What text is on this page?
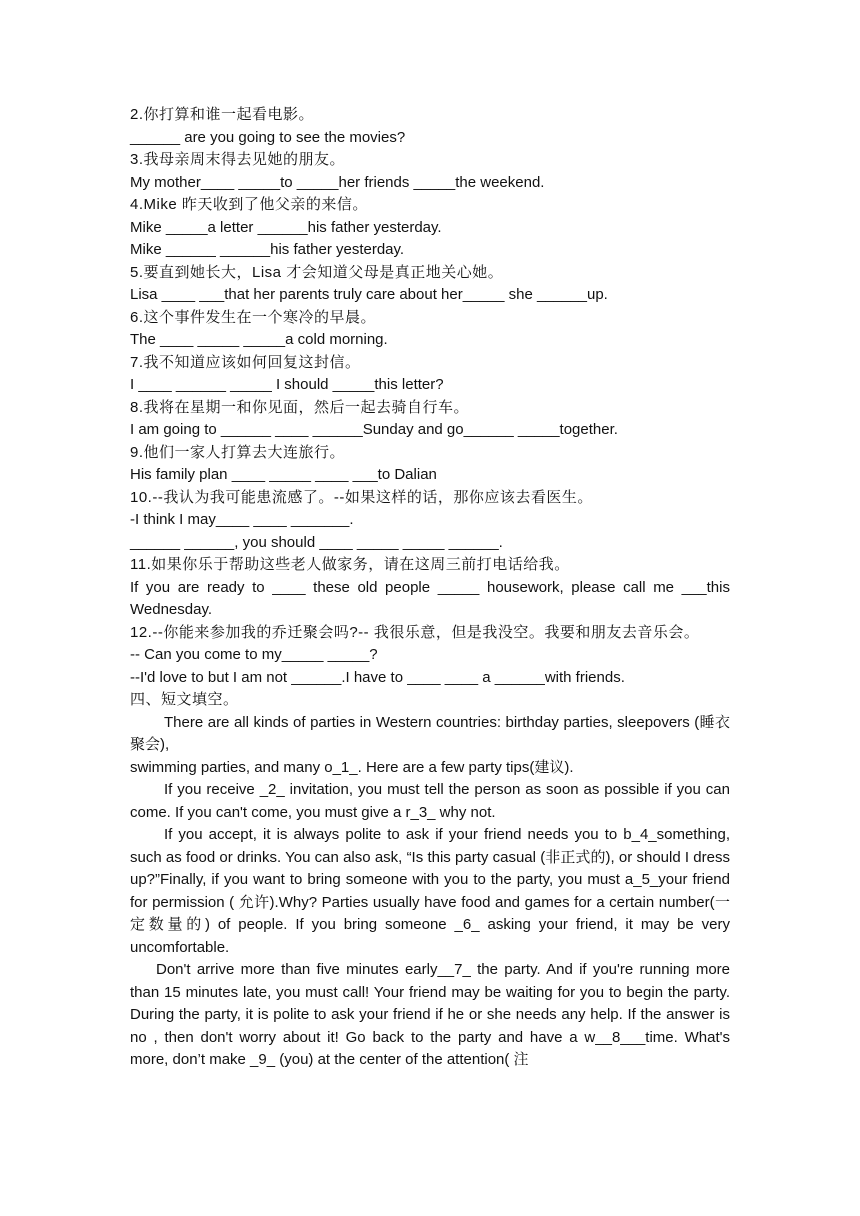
2.你打算和谁一起看电影。

______ are you going to see the movies?

3.我母亲周末得去见她的朋友。

My mother____ _____to _____her friends _____the weekend.

4.Mike 昨天收到了他父亲的来信。

Mike _____a letter ______his father yesterday.

Mike ______ ______his father yesterday.

5.要直到她长大，Lisa 才会知道父母是真正地关心她。

Lisa ____ ___that her parents truly care about her_____ she ______up.

6.这个事件发生在一个寒冷的早晨。

The ____ _____ _____a cold morning.

7.我不知道应该如何回复这封信。

I ____ ______ _____ I should _____this letter?

8.我将在星期一和你见面，然后一起去骑自行车。

I am going to ______ ____ ______Sunday and go______ _____together.

9.他们一家人打算去大连旅行。

His family plan ____ _____ ____ ___to Dalian

10.--我认为我可能患流感了。--如果这样的话，那你应该去看医生。

-I think I may____ ____ _______.

______ ______, you should ____ _____ _____ ______.

11.如果你乐于帮助这些老人做家务，请在这周三前打电话给我。

If you are ready to ____ these old people _____ housework, please call me ___this Wednesday.

12.--你能来参加我的乔迁聚会吗?-- 我很乐意，但是我没空。我要和朋友去音乐会。

-- Can you come to my_____ _____?

--I'd love to but I am not ______.I have to ____ ____ a ______with friends.

四、短文填空。

There are all kinds of parties in Western countries: birthday parties, sleepovers (睡衣聚会),

swimming parties, and many o_1_. Here are a few party tips(建议).

If you receive _2_ invitation, you must tell the person as soon as possible if you can come. If you can't come, you must give a r_3_ why not.

If you accept, it is always polite to ask if your friend needs you to b_4_something, such as food or drinks. You can also ask, “Is this party casual (非正式的), or should I dress up?”Finally, if you want to bring someone with you to the party, you must a_5_your friend for permission ( 允许).Why? Parties usually have food and games for a certain number(一定数量的) of people. If you bring someone _6_ asking your friend, it may be very uncomfortable.

Don't arrive more than five minutes early__7_ the party. And if you're running more than 15 minutes late, you must call! Your friend may be waiting for you to begin the party. During the party, it is polite to ask your friend if he or she needs any help. If the answer is no , then don't worry about it! Go back to the party and have a w__8___time. What's more, don’t make _9_ (you) at the center of the attention( 注
